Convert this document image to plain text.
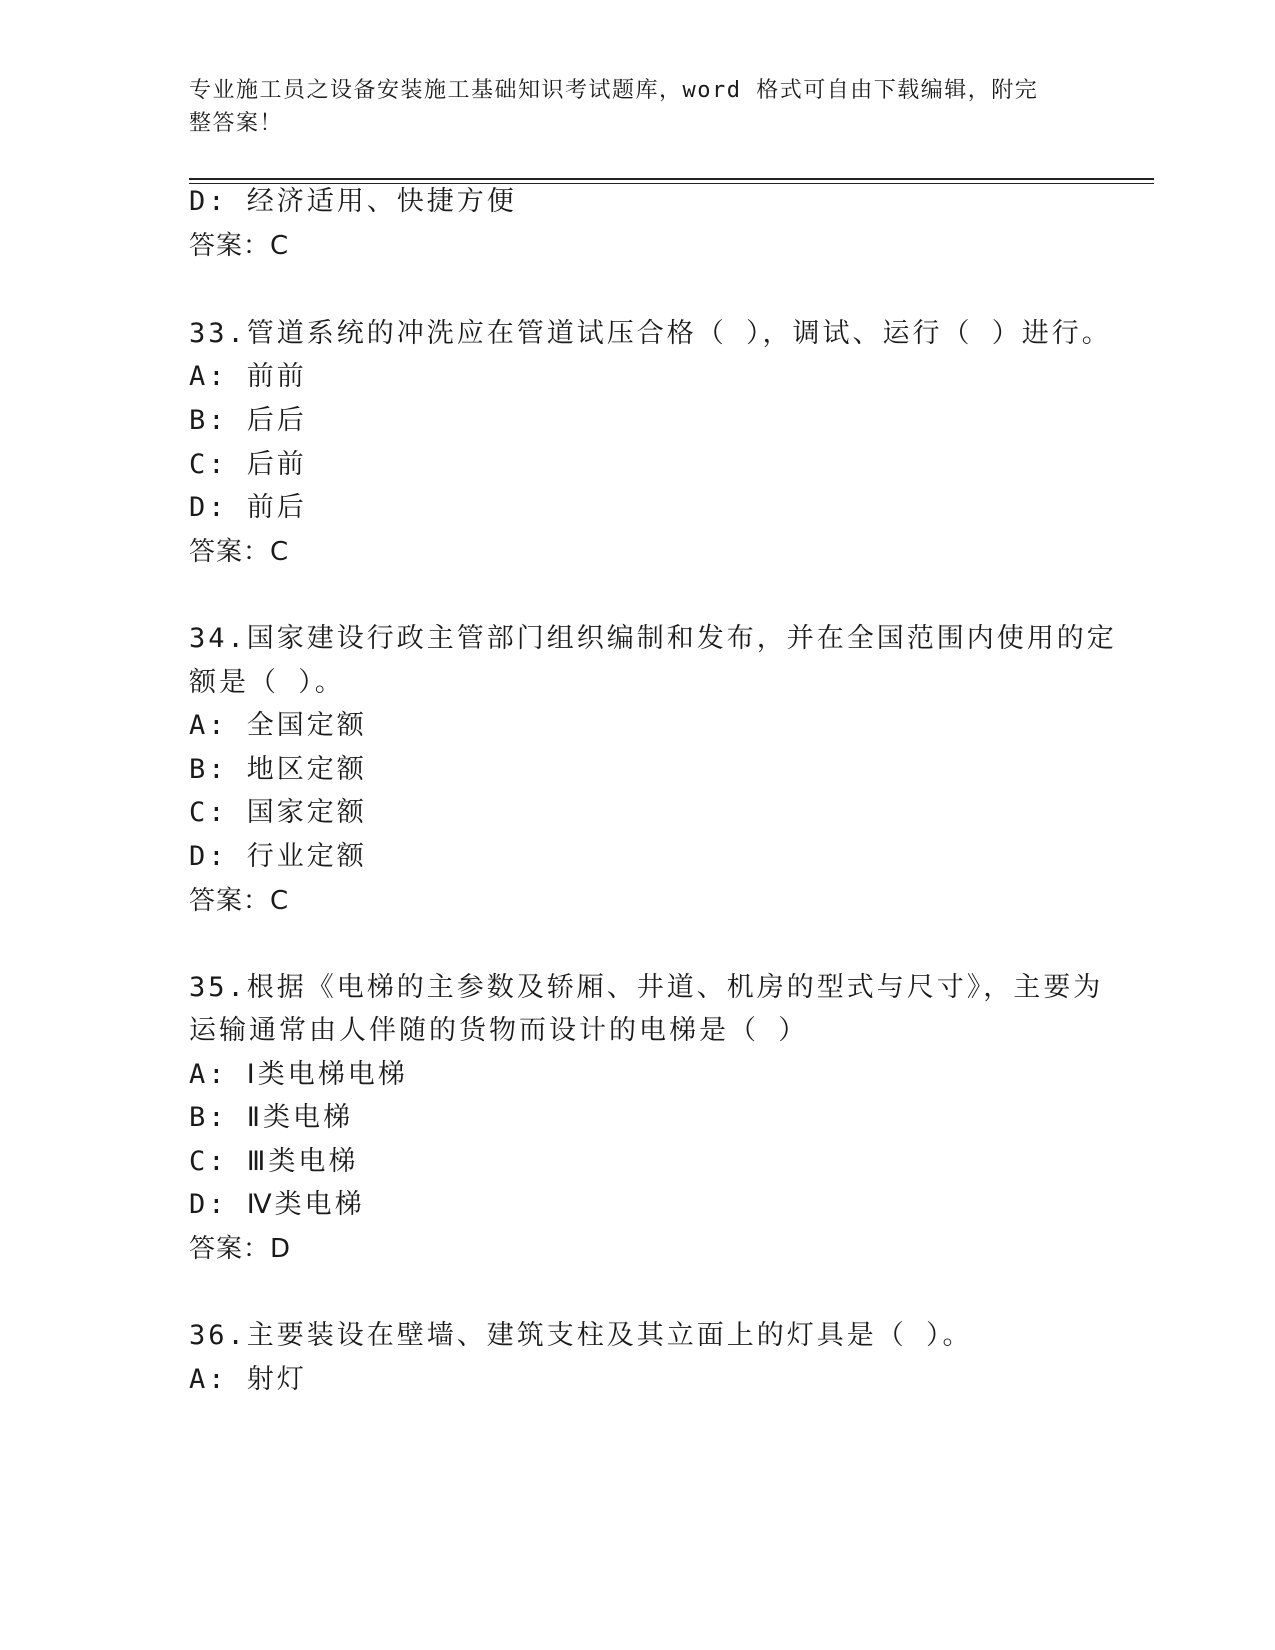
专业施工员之设备安装施工基础知识考试题库，word 格式可自由下载编辑，附完
整答案！
D: 经济适用、快捷方便
答案：C
33.管道系统的冲洗应在管道试压合格（ ），调试、运行（ ）进行。
A: 前前
B: 后后
C: 后前
D: 前后
答案：C
34.国家建设行政主管部门组织编制和发布，并在全国范围内使用的定
额是（ ）。
A: 全国定额
B: 地区定额
C: 国家定额
D: 行业定额
答案：C
35.根据《电梯的主参数及轿厢、井道、机房的型式与尺寸》，主要为
运输通常由人伴随的货物而设计的电梯是（ ）
A: Ⅰ类电梯电梯
B: Ⅱ类电梯
C: Ⅲ类电梯
D: Ⅳ类电梯
答案：D
36.主要装设在壁墙、建筑支柱及其立面上的灯具是（ ）。
A: 射灯
